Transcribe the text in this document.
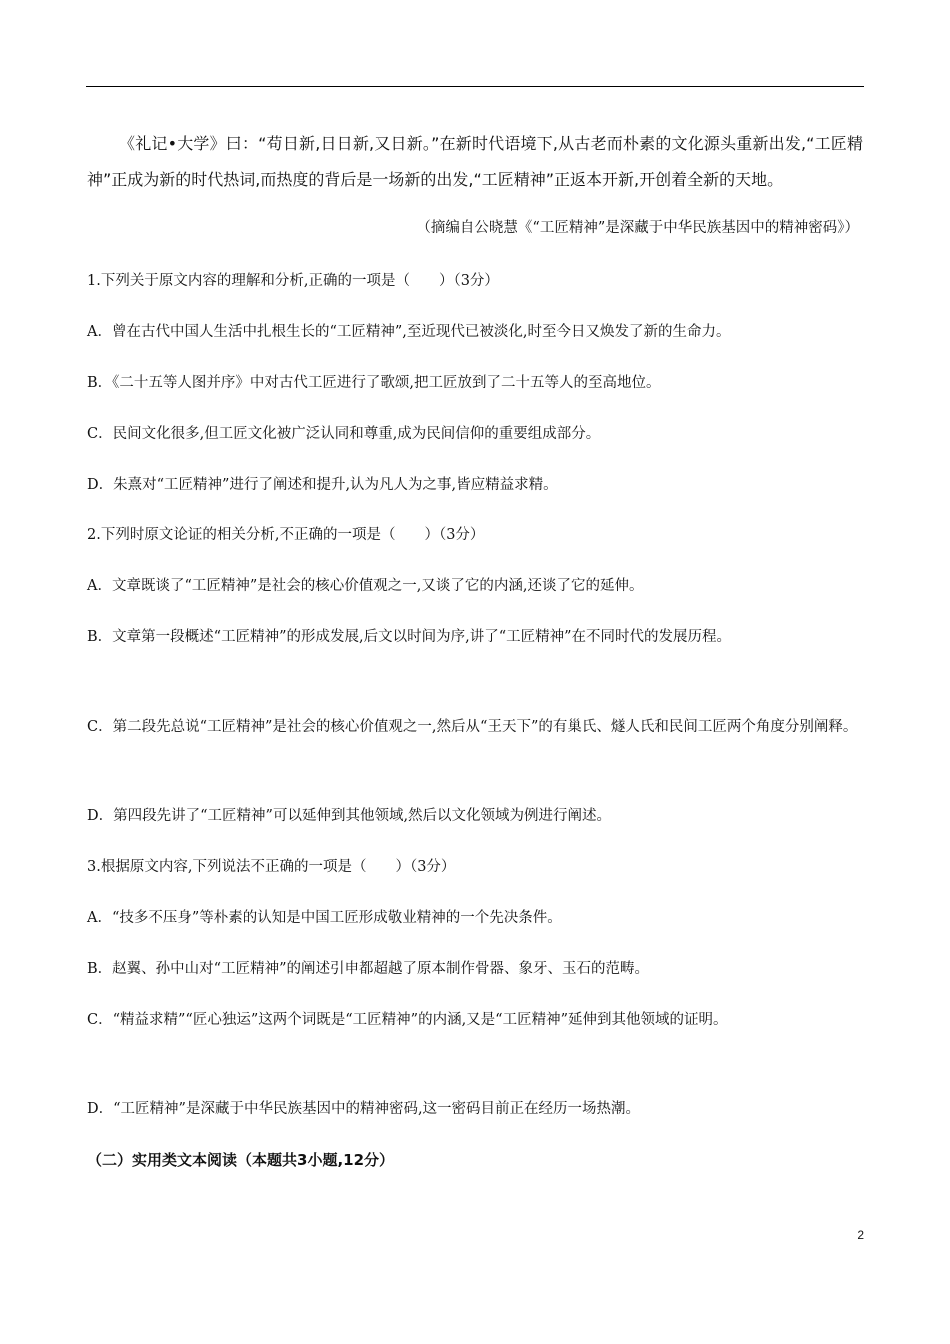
《礼记•大学》曰：“苟日新,日日新,又日新。”在新时代语境下,从古老而朴素的文化源头重新出发,“工匠精神”正成为新的时代热词,而热度的背后是一场新的出发,“工匠精神”正返本开新,开创着全新的天地。

（摘编自公晓慧《“工匠精神”是深藏于中华民族基因中的精神密码》）
1.下列关于原文内容的理解和分析,正确的一项是（　　）（3分）
A．曾在古代中国人生活中扎根生长的“工匠精神”,至近现代已被淡化,时至今日又焕发了新的生命力。
B．《二十五等人图并序》中对古代工匠进行了歌颂,把工匠放到了二十五等人的至高地位。
C．民间文化很多,但工匠文化被广泛认同和尊重,成为民间信仰的重要组成部分。
D．朱熹对“工匠精神”进行了阐述和提升,认为凡人为之事,皆应精益求精。
2.下列时原文论证的相关分析,不正确的一项是（　　）（3分）
A．文章既谈了“工匠精神”是社会的核心价值观之一,又谈了它的内涵,还谈了它的延伸。

B．文章第一段概述“工匠精神”的形成发展,后文以时间为序,讲了“工匠精神”在不同时代的发展历程。

C．第二段先总说“工匠精神”是社会的核心价值观之一,然后从“王天下”的有巢氏、燧人氏和民间工匠两个角度分别阐释。

D．第四段先讲了“工匠精神”可以延伸到其他领域,然后以文化领域为例进行阐述。
3.根据原文内容,下列说法不正确的一项是（　　）（3分）
A．“技多不压身”等朴素的认知是中国工匠形成敬业精神的一个先决条件。
B．赵翼、孙中山对“工匠精神”的阐述引申都超越了原本制作骨器、象牙、玉石的范畴。

C．“精益求精”“匠心独运”这两个词既是“工匠精神”的内涵,又是“工匠精神”延伸到其他领域的证明。

D．“工匠精神”是深藏于中华民族基因中的精神密码,这一密码目前正在经历一场热潮。
（二）实用类文本阅读（本题共3小题,12分）
2
